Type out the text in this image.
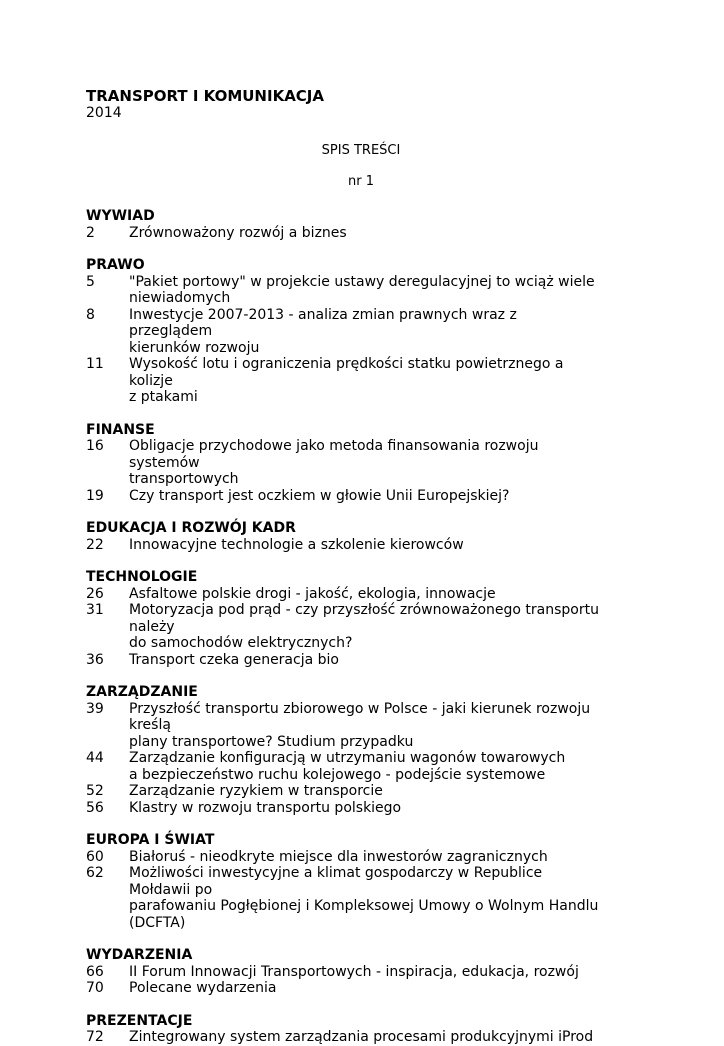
TRANSPORT I KOMUNIKACJA
2014
SPIS TREŚCI
nr 1
WYWIAD
2	Zrównoważony rozwój a biznes
PRAWO
5	"Pakiet portowy" w projekcie ustawy deregulacyjnej to wciąż wiele
niewiadomych
8	Inwestycje 2007-2013 - analiza zmian prawnych wraz z przeglądem
kierunków rozwoju
11	Wysokość lotu i ograniczenia prędkości statku powietrznego a kolizje
z ptakami
FINANSE
16	Obligacje przychodowe jako metoda finansowania rozwoju systemów
transportowych
19	Czy transport jest oczkiem w głowie Unii Europejskiej?
EDUKACJA I ROZWÓJ KADR
22	Innowacyjne technologie a szkolenie kierowców
TECHNOLOGIE
26	Asfaltowe polskie drogi - jakość, ekologia, innowacje
31	Motoryzacja pod prąd - czy przyszłość zrównoważonego transportu należy
do samochodów elektrycznych?
36	Transport czeka generacja bio
ZARZĄDZANIE
39	Przyszłość transportu zbiorowego w Polsce - jaki kierunek rozwoju kreślą
plany transportowe? Studium przypadku
44	Zarządzanie konfiguracją w utrzymaniu wagonów towarowych
a bezpieczeństwo ruchu kolejowego - podejście systemowe
52	Zarządzanie ryzykiem w transporcie
56	Klastry w rozwoju transportu polskiego
EUROPA I ŚWIAT
60	Białoruś - nieodkryte miejsce dla inwestorów zagranicznych
62	Możliwości inwestycyjne a klimat gospodarczy w Republice Mołdawii po
parafowaniu Pogłębionej i Kompleksowej Umowy o Wolnym Handlu
(DCFTA)
WYDARZENIA
66	II Forum Innowacji Transportowych - inspiracja, edukacja, rozwój
70	Polecane wydarzenia
PREZENTACJE
72	Zintegrowany system zarządzania procesami produkcyjnymi iProd
